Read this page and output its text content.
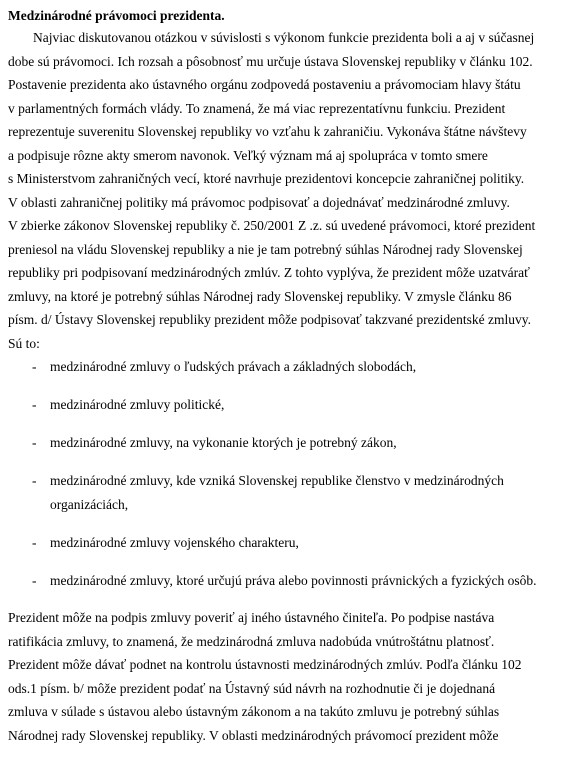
Medzinárodné právomoci prezidenta.
Najviac diskutovanou otázkou v súvislosti s výkonom funkcie prezidenta boli a aj v súčasnej
dobe sú právomoci. Ich rozsah a pôsobnosť mu určuje ústava Slovenskej republiky v článku 102.
Postavenie prezidenta ako ústavného orgánu zodpovedá postaveniu a právomociam hlavy štátu
v parlamentných formách vlády. To znamená, že má viac reprezentatívnu funkciu. Prezident
reprezentuje suverenitu Slovenskej republiky vo vzťahu k zahraničiu. Vykonáva štátne návštevy
a podpisuje rôzne akty smerom navonok. Veľký význam má aj spolupráca v tomto smere
s Ministerstvom zahraničných vecí, ktoré navrhuje prezidentovi koncepcie zahraničnej politiky.
V oblasti zahraničnej politiky má právomoc podpisovať a dojednávať medzinárodné zmluvy.
V zbierke zákonov Slovenskej republiky č. 250/2001 Z .z. sú uvedené právomoci, ktoré prezident
preniesol na vládu Slovenskej republiky a nie je tam potrebný súhlas Národnej rady Slovenskej
republiky pri podpisovaní medzinárodných zmlúv. Z tohto vyplýva, že prezident môže uzatvárať
zmluvy, na ktoré je potrebný súhlas Národnej rady Slovenskej republiky. V zmysle článku 86
písm. d/ Ústavy Slovenskej republiky prezident môže podpisovať takzvané prezidentské zmluvy.
Sú to:
- medzinárodné zmluvy o ľudských právach a základných slobodách,
- medzinárodné zmluvy politické,
- medzinárodné zmluvy, na vykonanie ktorých je potrebný zákon,
- medzinárodné zmluvy, kde vzniká Slovenskej republike členstvo v medzinárodných
organizáciách,
- medzinárodné zmluvy vojenského charakteru,
- medzinárodné zmluvy, ktoré určujú práva alebo povinnosti právnických a fyzických osôb.
Prezident môže na podpis zmluvy poveriť aj iného ústavného činiteľa. Po podpise nastáva
ratifikácia zmluvy, to znamená, že medzinárodná zmluva nadobúda vnútroštátnu platnosť.
Prezident môže dávať podnet na kontrolu ústavnosti medzinárodných zmlúv. Podľa článku 102
ods.1 písm. b/ môže prezident podať na Ústavný súd návrh na rozhodnutie či je dojednaná
zmluva v súlade s ústavou alebo ústavným zákonom a na takúto zmluvu je potrebný súhlas
Národnej rady Slovenskej republiky. V oblasti medzinárodných právomocí prezident môže
